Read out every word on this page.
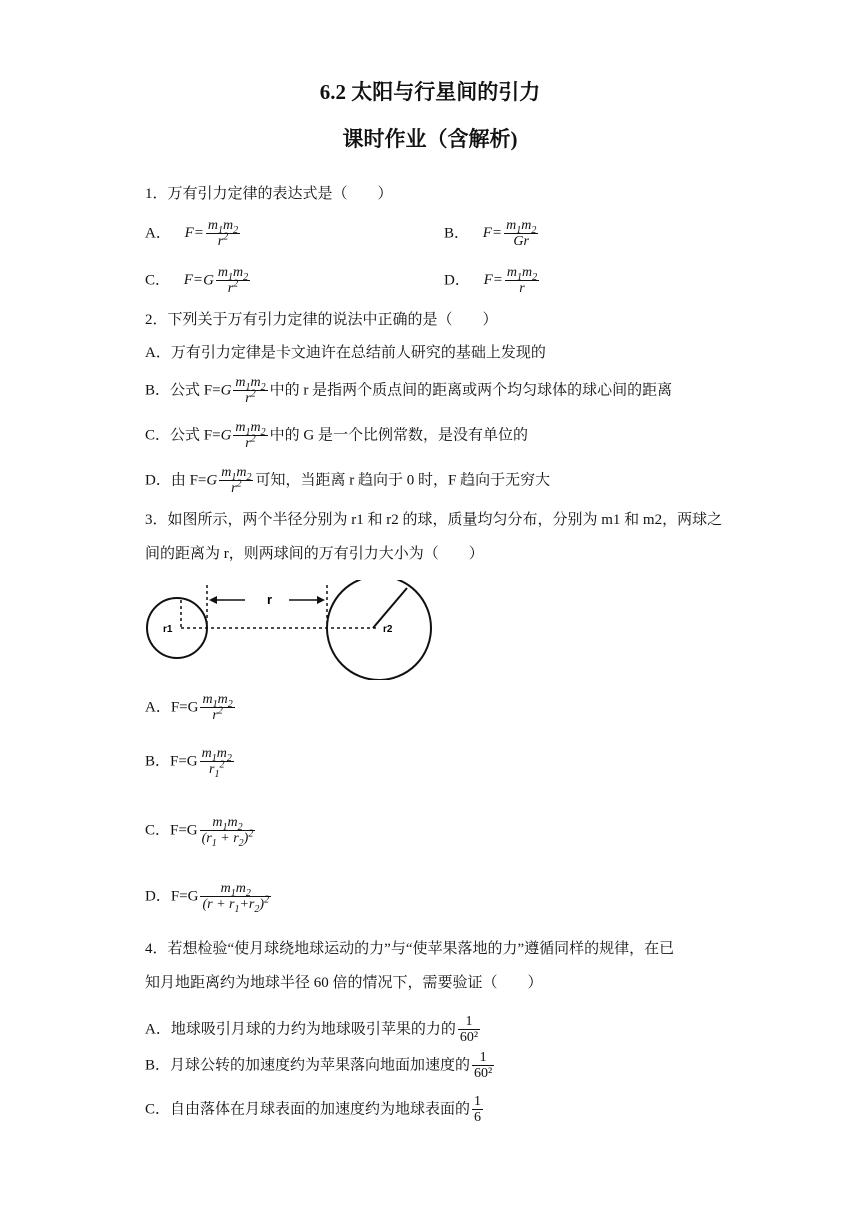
6.2 太阳与行星间的引力
课时作业（含解析)
1．万有引力定律的表达式是（　　）
A． $F= \frac{m_1m_2}{r^2}$	B． $F= \frac{m_1m_2}{Gr}$
C． $F=G \frac{m_1m_2}{r^2}$	D． $F= \frac{m_1m_2}{r}$
2．下列关于万有引力定律的说法中正确的是（　　）
A．万有引力定律是卡文迪许在总结前人研究的基础上发现的
B．公式 $F=G \frac{m_1m_2}{r^2}$ 中的 r 是指两个质点间的距离或两个均匀球体的球心间的距离
C．公式 $F=G \frac{m_1m_2}{r^2}$ 中的 G 是一个比例常数，是没有单位的
D．由 $F=G \frac{m_1m_2}{r^2}$ 可知，当距离 r 趋向于 0 时，F 趋向于无穷大
3．如图所示，两个半径分别为 r1 和 r2 的球，质量均匀分布，分别为 m1 和 m2，两球之
间的距离为 r，则两球间的万有引力大小为（　　）
r
r1	r2
A．$F=G \frac{m_1m_2}{r^2}$
B．$F=G \frac{m_1m_2}{r_1^2}$
C．$F=G \frac{m_1m_2}{(r_1 + r_2)^2}$
D．$F=G \frac{m_1m_2}{(r + r_1+r_2)^2}$
4．若想检验“使月球绕地球运动的力”与“使苹果落地的力”遵循同样的规律，在已
知月地距离约为地球半径 60 倍的情况下，需要验证（　　）
A．地球吸引月球的力约为地球吸引苹果的力的 $\frac{1}{\text{60²}}$
B．月球公转的加速度约为苹果落向地面加速度的 $\frac{1}{\text{60²}}$
C．自由落体在月球表面的加速度约为地球表面的 $\frac{1}{6}$
